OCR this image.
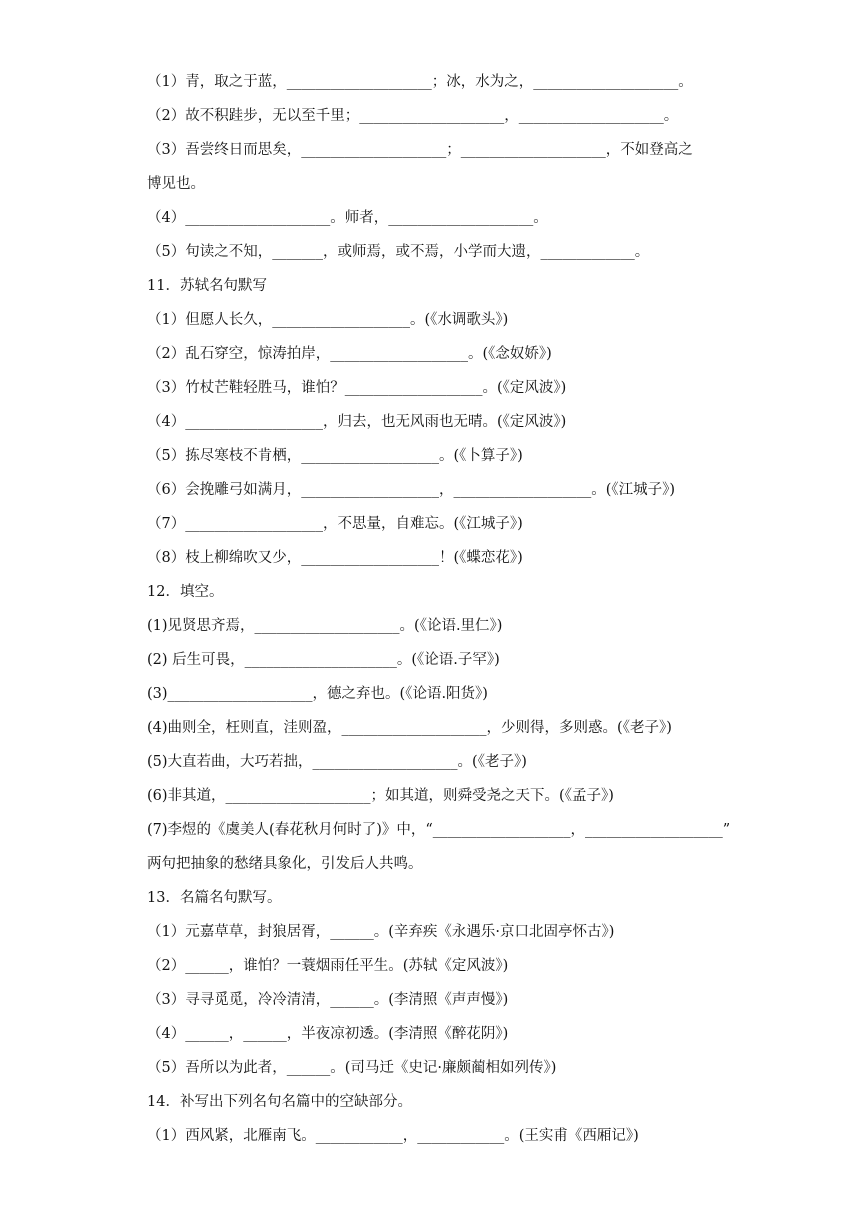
（1）青，取之于蓝，____________________；冰，水为之，____________________。
（2）故不积跬步，无以至千里；____________________，____________________。
（3）吾尝终日而思矣，____________________；____________________，不如登高之
博见也。
（4）____________________。师者，____________________。
（5）句读之不知，_______，或师焉，或不焉，小学而大遗，_____________。
11．苏轼名句默写
（1）但愿人长久，___________________。(《水调歌头》)
（2）乱石穿空，惊涛拍岸，___________________。(《念奴娇》)
（3）竹杖芒鞋轻胜马，谁怕？___________________。(《定风波》)
（4）___________________，归去，也无风雨也无晴。(《定风波》)
（5）拣尽寒枝不肯栖，___________________。(《卜算子》)
（6）会挽雕弓如满月，___________________，___________________。(《江城子》)
（7）___________________，不思量，自难忘。(《江城子》)
（8）枝上柳绵吹又少，___________________！(《蝶恋花》)
12．填空。
(1)见贤思齐焉，____________________。(《论语.里仁》)
(2) 后生可畏，_____________________。(《论语.子罕》)
(3)____________________，德之弃也。(《论语.阳货》)
(4)曲则全，枉则直，洼则盈，____________________，少则得，多则惑。(《老子》)
(5)大直若曲，大巧若拙，____________________。(《老子》)
(6)非其道，____________________；如其道，则舜受尧之天下。(《孟子》)
(7)李煜的《虞美人(春花秋月何时了)》中，“___________________，___________________”
两句把抽象的愁绪具象化，引发后人共鸣。
13．名篇名句默写。
（1）元嘉草草，封狼居胥，______。(辛弃疾《永遇乐·京口北固亭怀古》)
（2）______，谁怕？一蓑烟雨任平生。(苏轼《定风波》)
（3）寻寻觅觅，冷冷清清，______。(李清照《声声慢》)
（4）______，______，半夜凉初透。(李清照《醉花阴》)
（5）吾所以为此者，______。(司马迁《史记·廉颇蔺相如列传》)
14．补写出下列名句名篇中的空缺部分。
（1）西风紧，北雁南飞。____________，____________。(王实甫《西厢记》)
